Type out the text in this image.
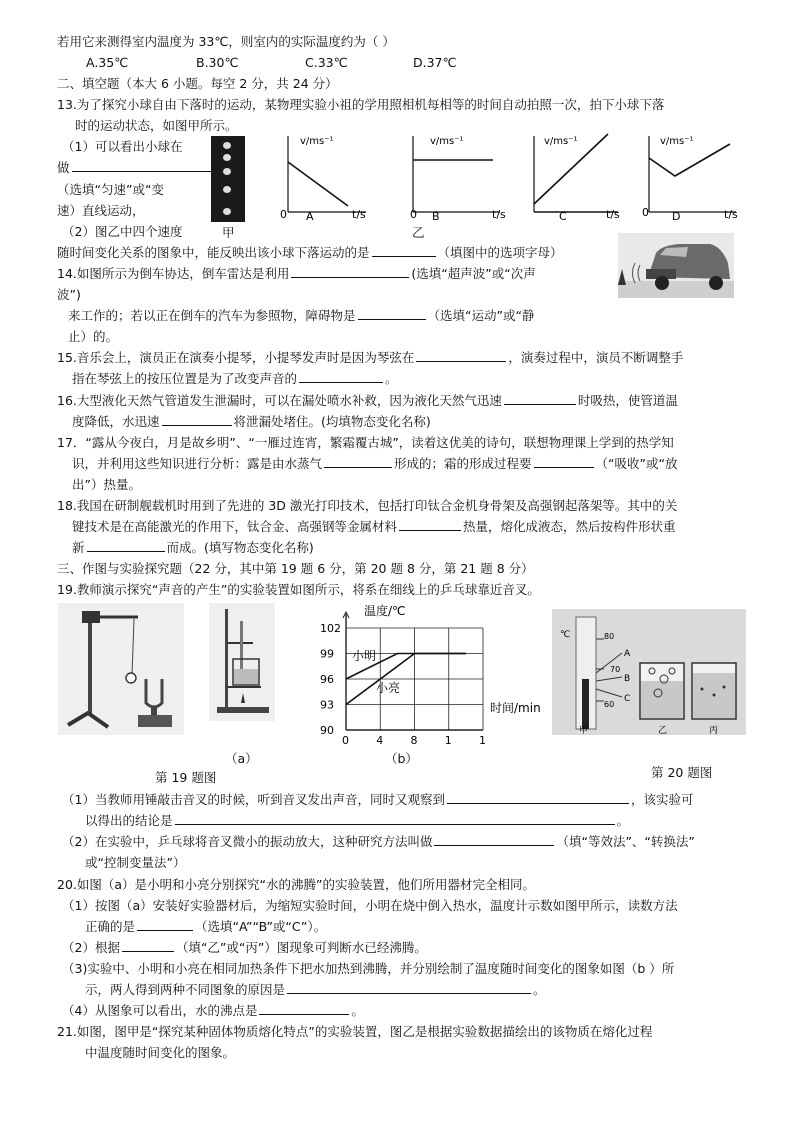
若用它来测得室内温度为 33℃，则室内的实际温度约为（ ）
A.35℃	B.30℃	C.33℃	D.37℃
二、填空题（本大 6 小题。每空 2 分，共 24 分）
13.为了探究小球自由下落时的运动，某物理实验小祖的学用照相机每相等的时间自动拍照一次，拍下小球下落
时的运动状态，如图甲所示。
（1）可以看出小球在
做
（选填“匀速”或“变
速）直线运动，
（2）图乙中四个速度
随时间变化关系的图象中，能反映出该小球下落运动的是	（填图中的选项字母）
甲	乙
v/ms⁻¹
t/s
0 A
v/ms⁻¹
t/s
0 B
v/ms⁻¹
t/s
C
v/ms⁻¹
t/s
0 D
14.如图所示为倒车协达，倒车雷达是利用	(选填“超声波”或“次声
波”)
来工作的；若以正在倒车的汽车为参照物，障碍物是	（选填“运动”或“静
止）的。
15.音乐会上，演员正在演奏小提琴，小提琴发声时是因为琴弦在	，演奏过程中，演员不断调整手
指在琴弦上的按压位置是为了改变声音的	。
16.大型液化天然气管道发生泄漏时，可以在漏处喷水补救，因为液化天然气迅速	时吸热，使管道温
度降低，水迅速	将泄漏处堵住。(均填物态变化名称)
17．“露从今夜白，月是故乡明”、“一雁过连宵，繁霜覆古城”，读着这优美的诗句，联想物理课上学到的热学知
识，并利用这些知识进行分析：露是由水蒸气	形成的；霜的形成过程要	（“吸收”或“放
出”）热量。
18.我国在研制舰载机时用到了先进的 3D 激光打印技术，包括打印钛合金机身骨架及高强钢起落架等。其中的关
键技术是在高能激光的作用下，钛合金、高强钢等金属材料	热量，熔化成液态，然后按构件形状重
新	而成。(填写物态变化名称)
三、作图与实验探究题（22 分，其中第 19 题 6 分，第 20 题 8 分，第 21 题 8 分）
19.教师演示探究“声音的产生”的实验装置如图所示，将系在细线上的乒乓球靠近音叉。
（a）
第 19 题图
温度/℃
时间/min
102
99
96
93
90
0 4 8 1 1
小明
小亮
（b）
80
70
60
℃
A
B
C
甲	乙	丙
第 20 题图
（1）当教师用锤敲击音叉的时候，听到音叉发出声音，同时又观察到	，该实验可
以得出的结论是	。
（2）在实验中，乒乓球将音叉微小的振动放大，这种研究方法叫做	（填“等效法”、“转换法”
或“控制变量法”）
20.如图（a）是小明和小亮分别探究“水的沸腾”的实验装置，他们所用器材完全相同。
（1）按图（a）安装好实验器材后，为缩短实验时间，小明在烧中倒入热水，温度计示数如图甲所示，读数方法
正确的是	（选填“A”“B”或“C”）。
（2）根据	（填“乙”或“丙”）图现象可判断水已经沸腾。
（3)实验中、小明和小亮在相同加热条件下把水加热到沸腾，并分别绘制了温度随时间变化的图象如图（b ）所
示，两人得到两种不同图象的原因是	。
（4）从图象可以看出，水的沸点是	。
21.如图，图甲是“探究某种固体物质熔化特点”的实验装置，图乙是根据实验数据描绘出的该物质在熔化过程
中温度随时间变化的图象。
